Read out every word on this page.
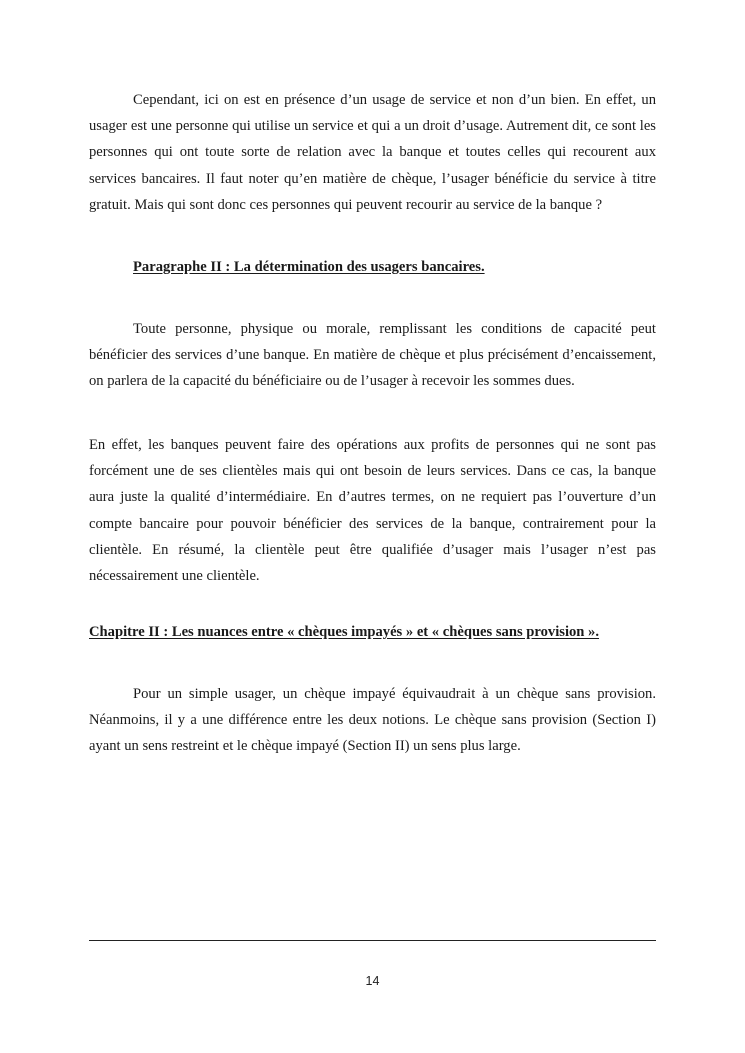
Cependant, ici on est en présence d’un usage de service et non d’un bien. En effet, un usager est une personne qui utilise un service et qui a un droit d’usage. Autrement dit, ce sont les personnes qui ont toute sorte de relation avec la banque et toutes celles qui recourent aux services bancaires. Il faut noter qu’en matière de chèque, l’usager bénéficie du service à titre gratuit. Mais qui sont donc ces personnes qui peuvent recourir au service de la banque ?

Paragraphe II : La détermination des usagers bancaires.

Toute personne, physique ou morale, remplissant les conditions de capacité peut bénéficier des services d’une banque. En matière de chèque et plus précisément d’encaissement, on parlera de la capacité du bénéficiaire ou de l’usager à recevoir les sommes dues.

En effet, les banques peuvent faire des opérations aux profits de personnes qui ne sont pas forcément une de ses clientèles mais qui ont besoin de leurs services. Dans ce cas, la banque aura juste la qualité d’intermédiaire. En d’autres termes, on ne requiert pas l’ouverture d’un compte bancaire pour pouvoir bénéficier des services de la banque, contrairement pour la clientèle. En résumé, la clientèle peut être qualifiée d’usager mais l’usager n’est pas nécessairement une clientèle.

Chapitre II : Les nuances entre « chèques impayés » et « chèques sans provision ».

Pour un simple usager, un chèque impayé équivaudrait à un chèque sans provision. Néanmoins, il y a une différence entre les deux notions. Le chèque sans provision (Section I) ayant un sens restreint et le chèque impayé (Section II) un sens plus large.

14
